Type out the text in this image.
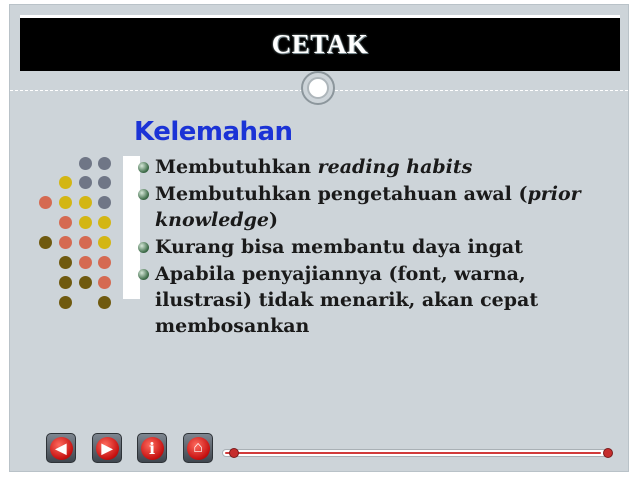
CETAK
Kelemahan
Membutuhkan reading habits
Membutuhkan pengetahuan awal (prior knowledge)
Kurang bisa membantu daya ingat
Apabila penyajiannya (font, warna, ilustrasi) tidak menarik, akan cepat membosankan
◀	▶	i	⌂
